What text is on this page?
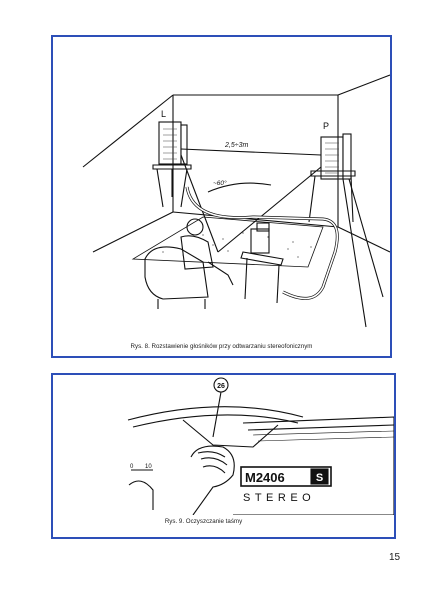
L
P
2,5÷3m
~60°
Rys. 8. Rozstawienie głośników przy odtwarzaniu stereofonicznym
26
0 10
M2406	S
STEREO
Rys. 9. Oczyszczanie taśmy
15
